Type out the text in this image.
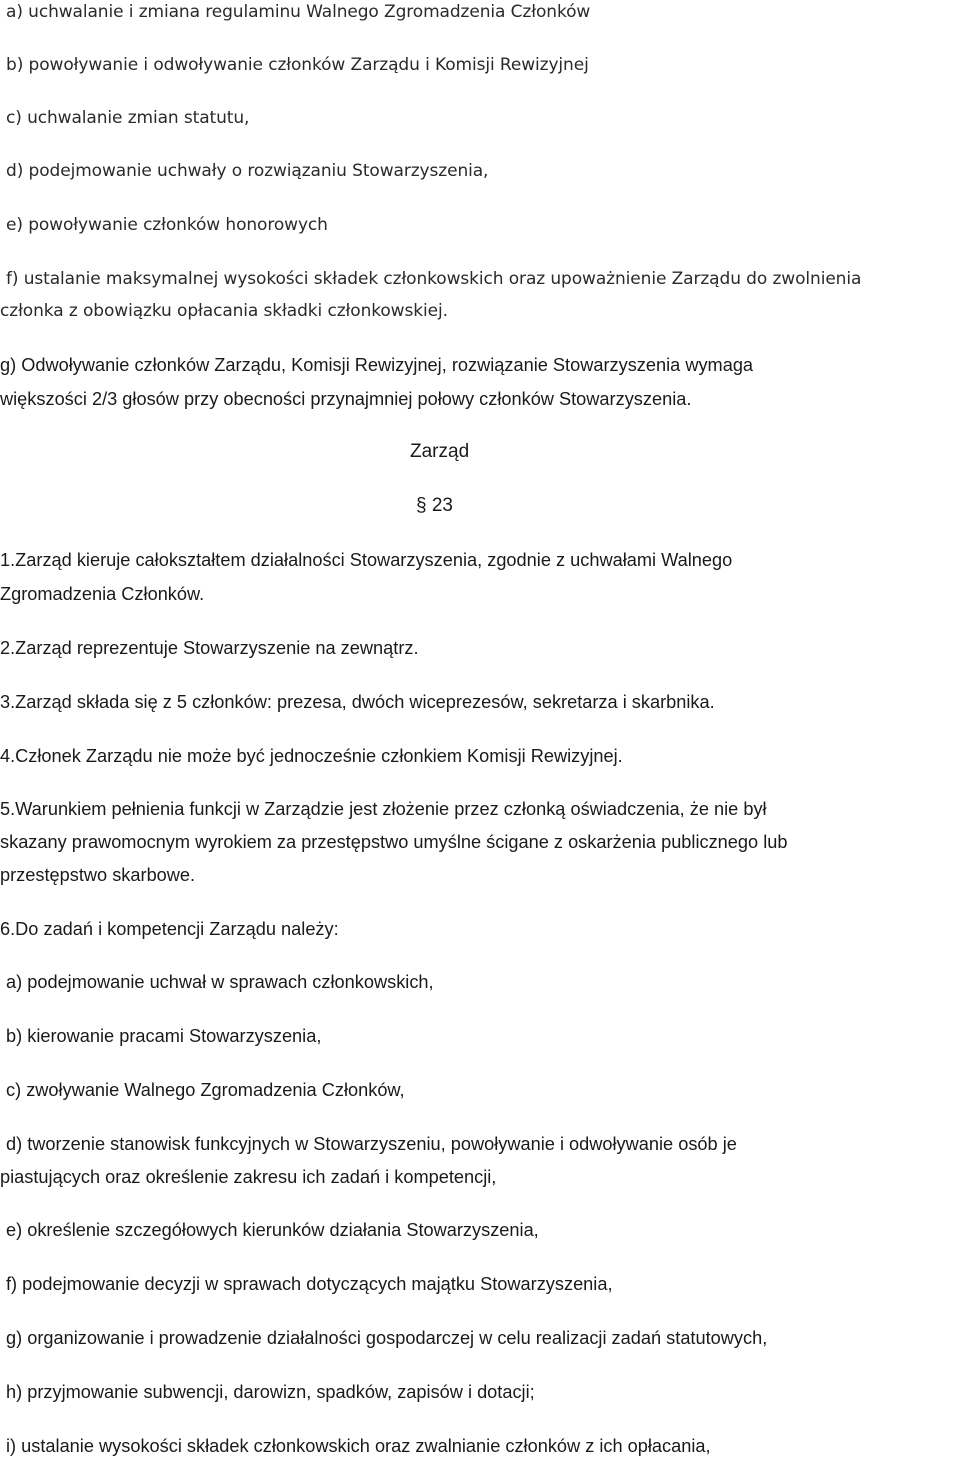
a) uchwalanie i zmiana regulaminu Walnego Zgromadzenia Członków
b) powoływanie i odwoływanie członków Zarządu i Komisji Rewizyjnej
c) uchwalanie zmian statutu,
d) podejmowanie uchwały o rozwiązaniu Stowarzyszenia,
e) powoływanie członków honorowych
f) ustalanie maksymalnej wysokości składek członkowskich oraz upoważnienie Zarządu do zwolnienia
członka z obowiązku opłacania składki członkowskiej.
g) Odwoływanie członków Zarządu, Komisji Rewizyjnej, rozwiązanie Stowarzyszenia wymaga
większości 2/3 głosów przy obecności przynajmniej połowy członków Stowarzyszenia.
Zarząd
§ 23
1.Zarząd kieruje całokształtem działalności Stowarzyszenia, zgodnie z uchwałami Walnego
Zgromadzenia Członków.
2.Zarząd reprezentuje Stowarzyszenie na zewnątrz.
3.Zarząd składa się z 5 członków: prezesa, dwóch wiceprezesów, sekretarza i skarbnika.
4.Członek Zarządu nie może być jednocześnie członkiem Komisji Rewizyjnej.
5.Warunkiem pełnienia funkcji w Zarządzie jest złożenie przez członką oświadczenia, że nie był
skazany prawomocnym wyrokiem za przestępstwo umyślne ścigane z oskarżenia publicznego lub
przestępstwo skarbowe.
6.Do zadań i kompetencji Zarządu należy:
a) podejmowanie uchwał w sprawach członkowskich,
b) kierowanie pracami Stowarzyszenia,
c) zwoływanie Walnego Zgromadzenia Członków,
d) tworzenie stanowisk funkcyjnych w Stowarzyszeniu, powoływanie i odwoływanie osób je
piastujących oraz określenie zakresu ich zadań i kompetencji,
e) określenie szczegółowych kierunków działania Stowarzyszenia,
f) podejmowanie decyzji w sprawach dotyczących majątku Stowarzyszenia,
g) organizowanie i prowadzenie działalności gospodarczej w celu realizacji zadań statutowych,
h) przyjmowanie subwencji, darowizn, spadków, zapisów i dotacji;
i) ustalanie wysokości składek członkowskich oraz zwalnianie członków z ich opłacania,
